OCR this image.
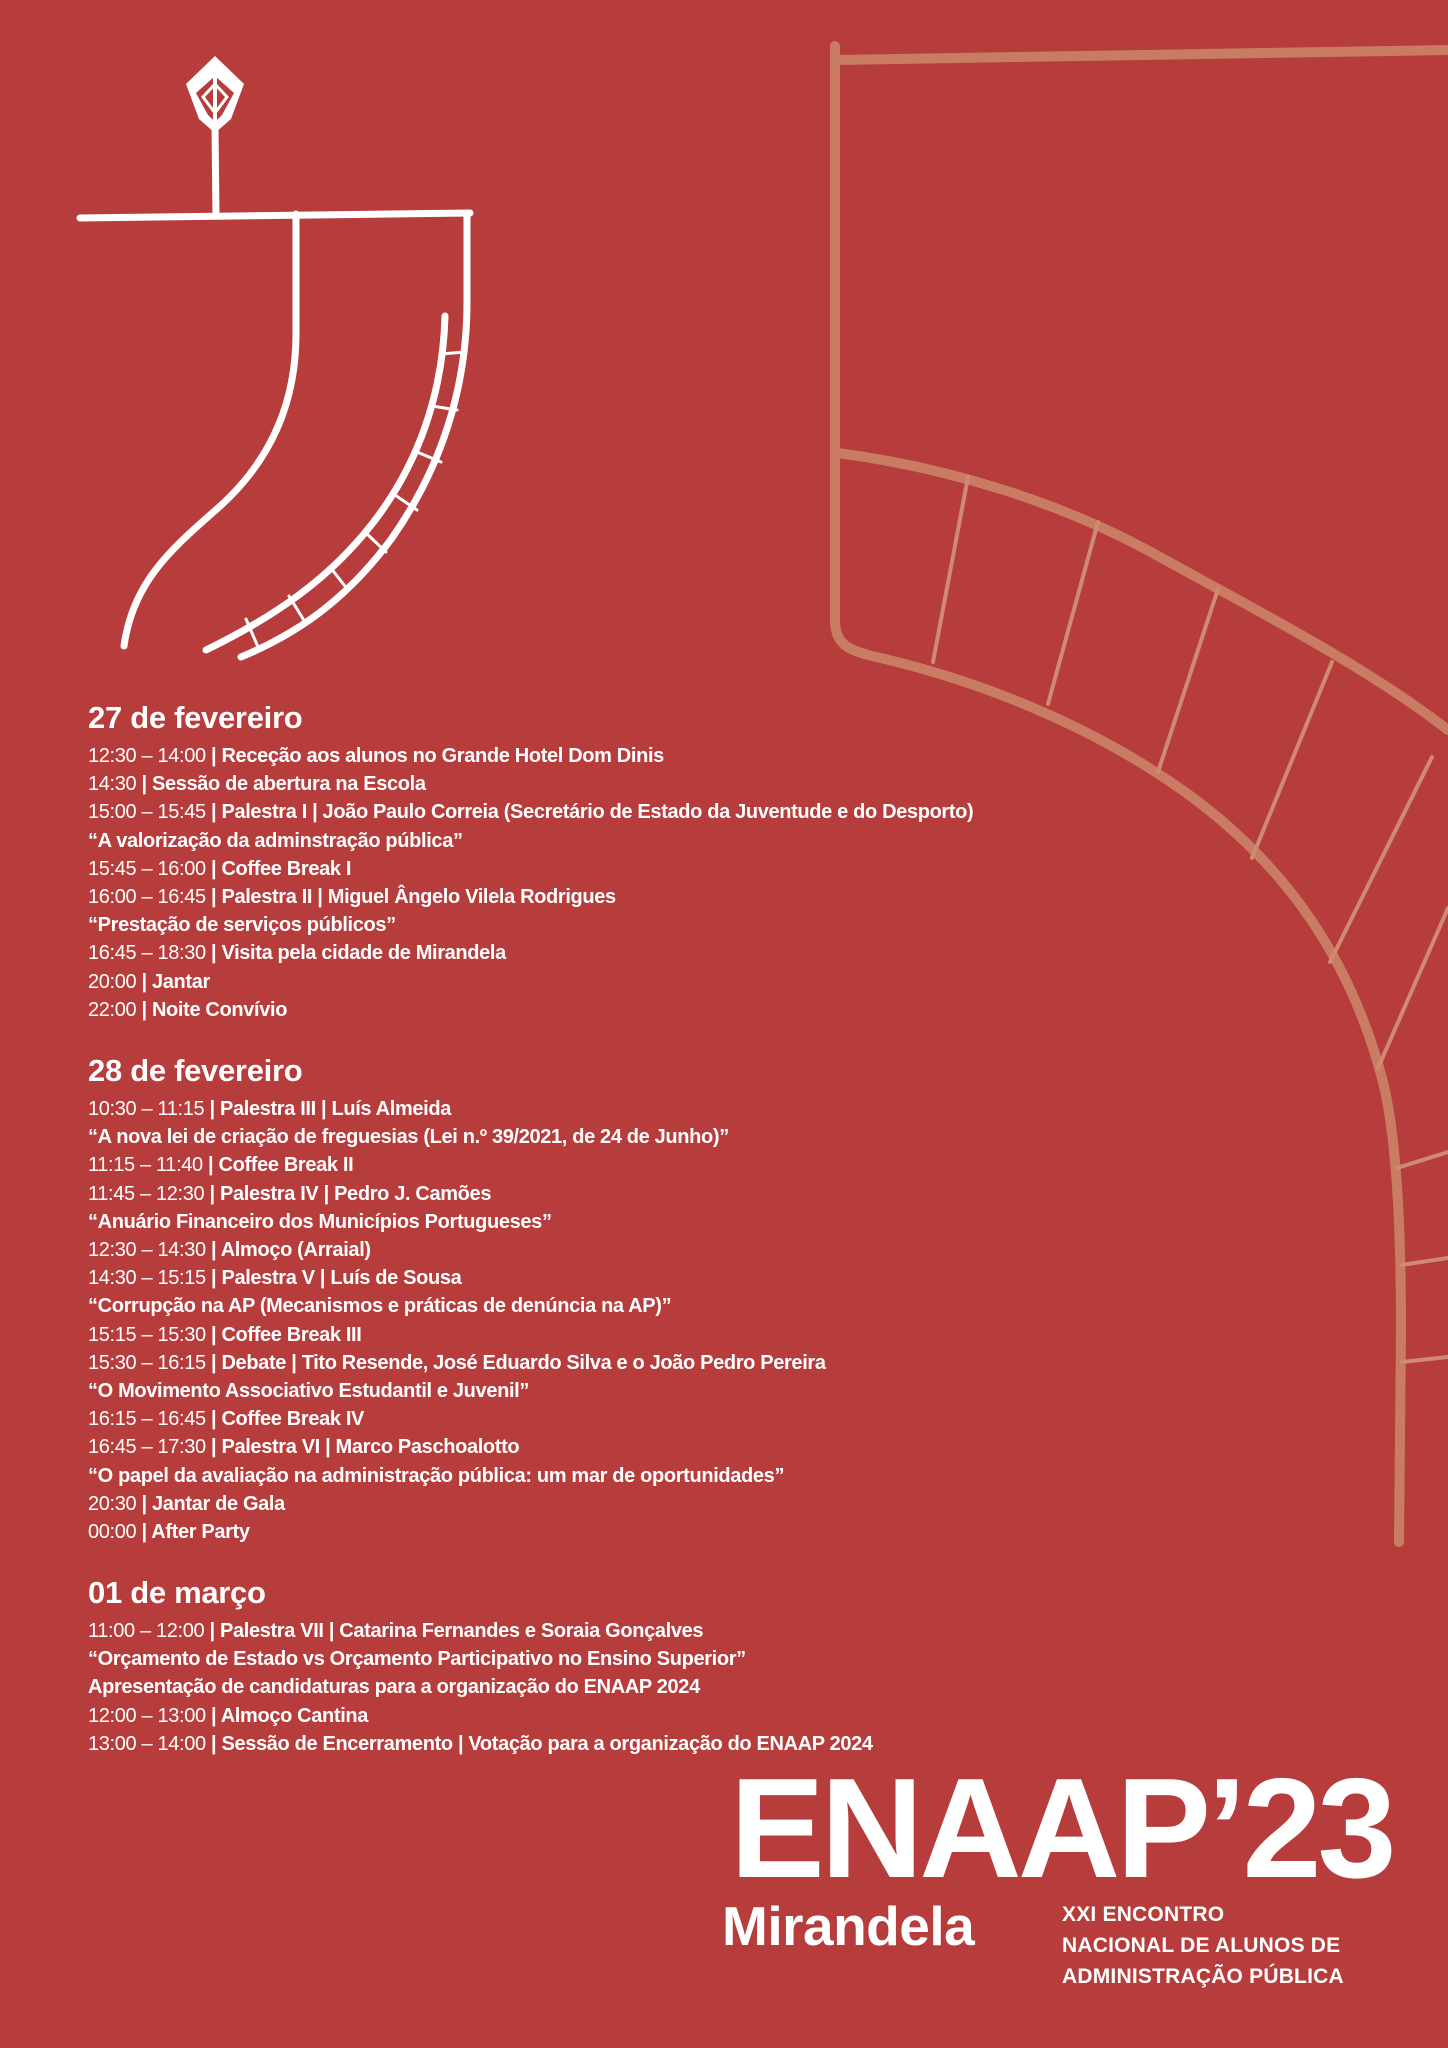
27 de fevereiro
12:30 – 14:00 | Receção aos alunos no Grande Hotel Dom Dinis
14:30 | Sessão de abertura na Escola
15:00 – 15:45 | Palestra I | João Paulo Correia (Secretário de Estado da Juventude e do Desporto)
“A valorização da adminstração pública”
15:45 – 16:00 | Coffee Break I
16:00 – 16:45 | Palestra II | Miguel Ângelo Vilela Rodrigues
“Prestação de serviços públicos”
16:45 – 18:30 | Visita pela cidade de Mirandela
20:00 | Jantar
22:00 | Noite Convívio
28 de fevereiro
10:30 – 11:15 | Palestra III | Luís Almeida
“A nova lei de criação de freguesias (Lei n.º 39/2021, de 24 de Junho)”
11:15 – 11:40 | Coffee Break II
11:45 – 12:30 | Palestra IV | Pedro J. Camões
“Anuário Financeiro dos Municípios Portugueses”
12:30 – 14:30 | Almoço (Arraial)
14:30 – 15:15 | Palestra V | Luís de Sousa
“Corrupção na AP (Mecanismos e práticas de denúncia na AP)”
15:15 – 15:30 | Coffee Break III
15:30 – 16:15 | Debate | Tito Resende, José Eduardo Silva e o João Pedro Pereira
“O Movimento Associativo Estudantil e Juvenil”
16:15 – 16:45 | Coffee Break IV
16:45 – 17:30 | Palestra VI | Marco Paschoalotto
“O papel da avaliação na administração pública: um mar de oportunidades”
20:30 | Jantar de Gala
00:00 | After Party
01 de março
11:00 – 12:00 | Palestra VII | Catarina Fernandes e Soraia Gonçalves
“Orçamento de Estado vs Orçamento Participativo no Ensino Superior”
Apresentação de candidaturas para a organização do ENAAP 2024
12:00 – 13:00 | Almoço Cantina
13:00 – 14:00 | Sessão de Encerramento | Votação para a organização do ENAAP 2024
ENAAP’23
Mirandela	XXI ENCONTRO
NACIONAL DE ALUNOS DE
ADMINISTRAÇÃO PÚBLICA
